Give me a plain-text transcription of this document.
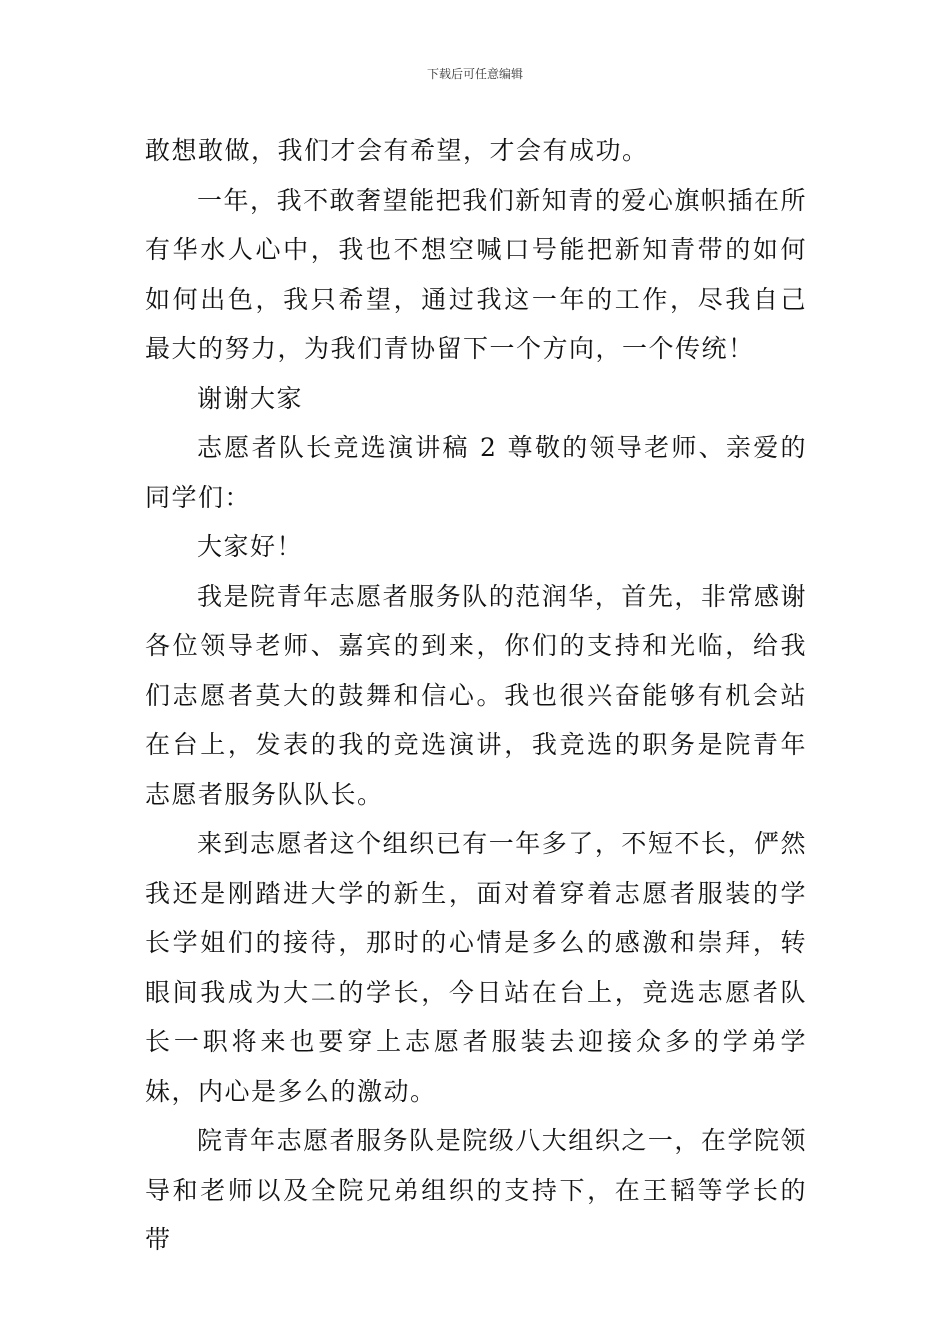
下载后可任意编辑

敢想敢做，我们才会有希望，才会有成功。

一年，我不敢奢望能把我们新知青的爱心旗帜插在所有华水人心中，我也不想空喊口号能把新知青带的如何如何出色，我只希望，通过我这一年的工作，尽我自己最大的努力，为我们青协留下一个方向，一个传统！

谢谢大家

志愿者队长竞选演讲稿 2 尊敬的领导老师、亲爱的同学们：

大家好！

我是院青年志愿者服务队的范润华，首先，非常感谢各位领导老师、嘉宾的到来，你们的支持和光临，给我们志愿者莫大的鼓舞和信心。我也很兴奋能够有机会站在台上，发表的我的竞选演讲，我竞选的职务是院青年志愿者服务队队长。

来到志愿者这个组织已有一年多了，不短不长，俨然我还是刚踏进大学的新生，面对着穿着志愿者服装的学长学姐们的接待，那时的心情是多么的感激和崇拜，转眼间我成为大二的学长，今日站在台上，竞选志愿者队长一职将来也要穿上志愿者服装去迎接众多的学弟学妹，内心是多么的激动。

院青年志愿者服务队是院级八大组织之一，在学院领导和老师以及全院兄弟组织的支持下，在王韬等学长的带
